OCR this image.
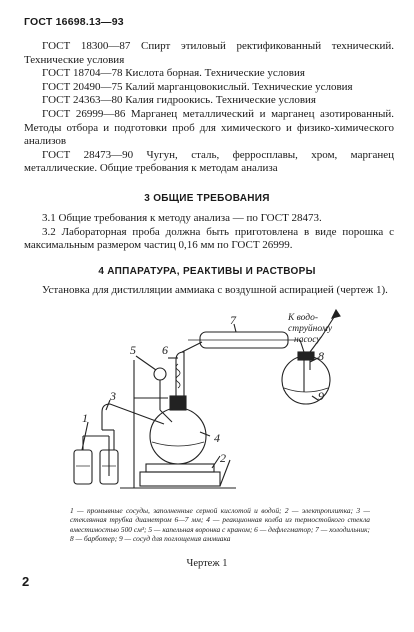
ГОСТ 16698.13—93

ГОСТ 18300—87 Спирт этиловый ректификованный технический. Технические условия

ГОСТ 18704—78 Кислота борная. Технические условия

ГОСТ 20490—75 Калий марганцовокислый. Технические условия

ГОСТ 24363—80 Калия гидроокись. Технические условия

ГОСТ 26999—86 Марганец металлический и марганец азотированный. Методы отбора и подготовки проб для химического и физико-химического анализов

ГОСТ 28473—90 Чугун, сталь, ферросплавы, хром, марганец металлические. Общие требования к методам анализа

3 ОБЩИЕ ТРЕБОВАНИЯ

3.1 Общие требования к методу анализа — по ГОСТ 28473.

3.2 Лабораторная проба должна быть приготовлена в виде порошка с максимальным размером частиц 0,16 мм по ГОСТ 26999.

4 АППАРАТУРА, РЕАКТИВЫ И РАСТВОРЫ

Установка для дистилляции аммиака с воздушной аспирацией (чертеж 1).

1
2
3
4
5 6
7
8
9
К водо-
струйному
насосу
1 — промывные сосуды, заполненные серной кислотой и водой; 2 — электроплитка; 3 — стеклянная трубка диаметром 6—7 мм; 4 — реакционная колба из термостойкого стекла вместимостью 500 см³; 5 — капельная воронка с краном; 6 — дефлегматор; 7 — холодильник; 8 — барботер; 9 — сосуд для поглощения аммиака
Чертеж 1
2
